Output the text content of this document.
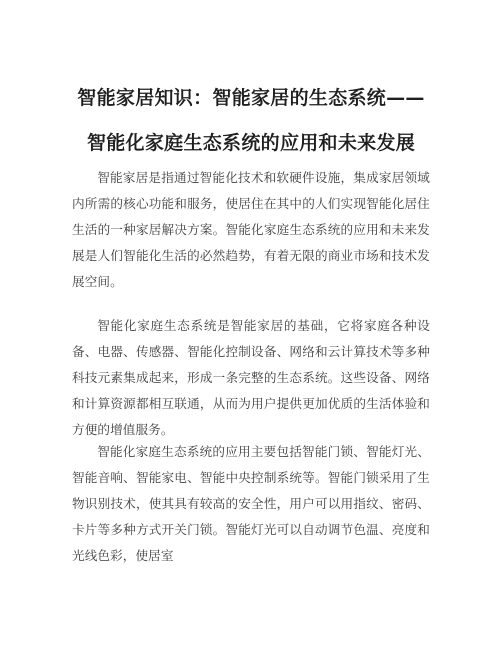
智能家居知识：智能家居的生态系统——智能化家庭生态系统的应用和未来发展

智能家居是指通过智能化技术和软硬件设施，集成家居领域内所需的核心功能和服务，使居住在其中的人们实现智能化居住生活的一种家居解决方案。智能化家庭生态系统的应用和未来发展是人们智能化生活的必然趋势，有着无限的商业市场和技术发展空间。

智能化家庭生态系统是智能家居的基础，它将家庭各种设备、电器、传感器、智能化控制设备、网络和云计算技术等多种科技元素集成起来，形成一条完整的生态系统。这些设备、网络和计算资源都相互联通，从而为用户提供更加优质的生活体验和方便的增值服务。

智能化家庭生态系统的应用主要包括智能门锁、智能灯光、智能音响、智能家电、智能中央控制系统等。智能门锁采用了生物识别技术，使其具有较高的安全性，用户可以用指纹、密码、卡片等多种方式开关门锁。智能灯光可以自动调节色温、亮度和光线色彩，使居室
